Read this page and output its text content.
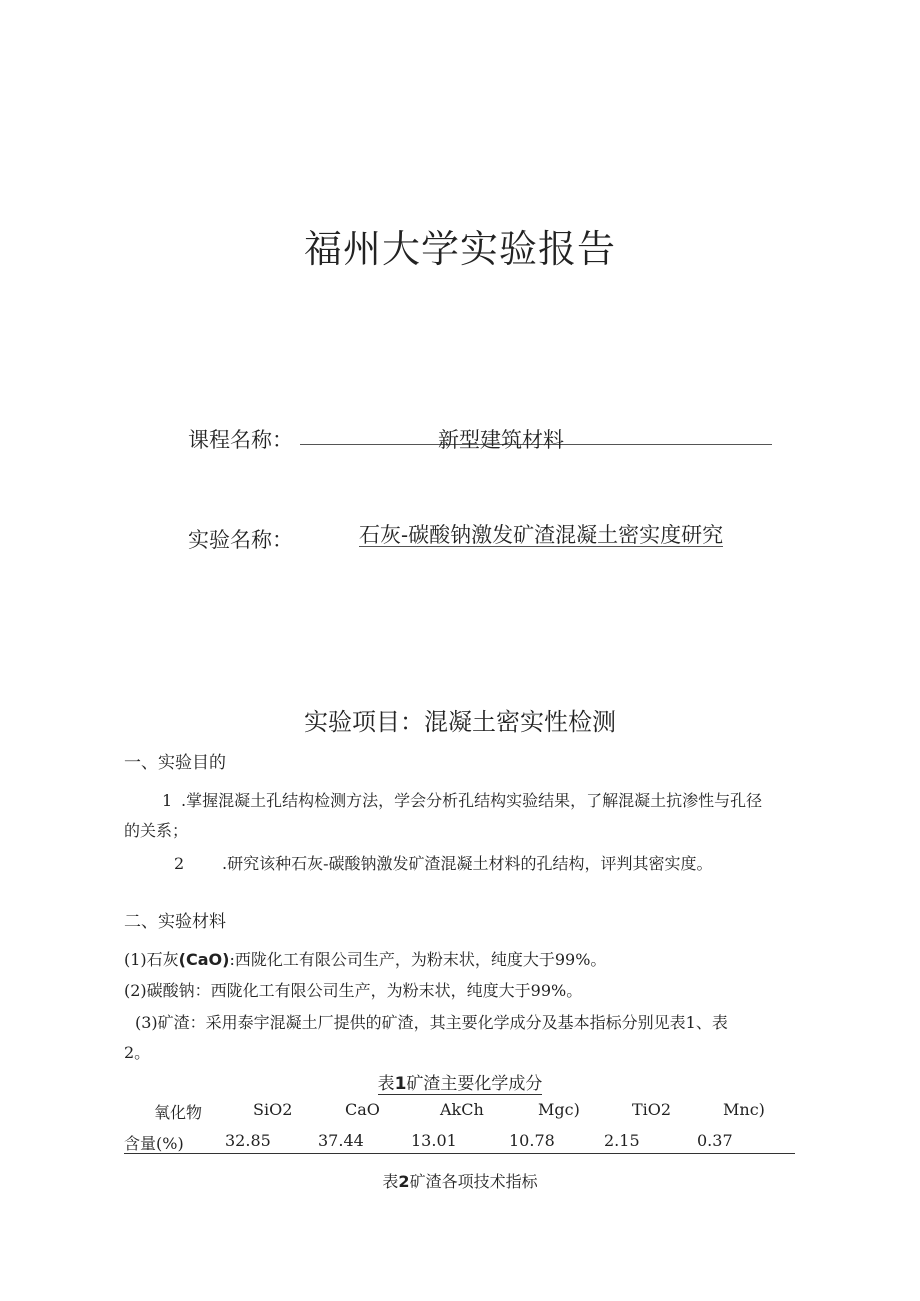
福州大学实验报告
课程名称：	新型建筑材料
实验名称：	石灰-碳酸钠激发矿渣混凝土密实度研究
实验项目：混凝土密实性检测
一、实验目的
1 .掌握混凝土孔结构检测方法，学会分析孔结构实验结果，了解混凝土抗渗性与孔径
的关系；
2 .研究该种石灰-碳酸钠激发矿渣混凝土材料的孔结构，评判其密实度。
二、实验材料
(1)石灰(CaO):西陇化工有限公司生产，为粉末状，纯度大于99%。
(2)碳酸钠：西陇化工有限公司生产，为粉末状，纯度大于99%。
(3)矿渣：采用泰宇混凝土厂提供的矿渣，其主要化学成分及基本指标分别见表1、表
2。
表1矿渣主要化学成分
氧化物	SiO2	CaO	AkCh	Mgc)	TiO2	Mnc)
含量(%)	32.85	37.44	13.01	10.78	2.15	0.37
表2矿渣各项技术指标
